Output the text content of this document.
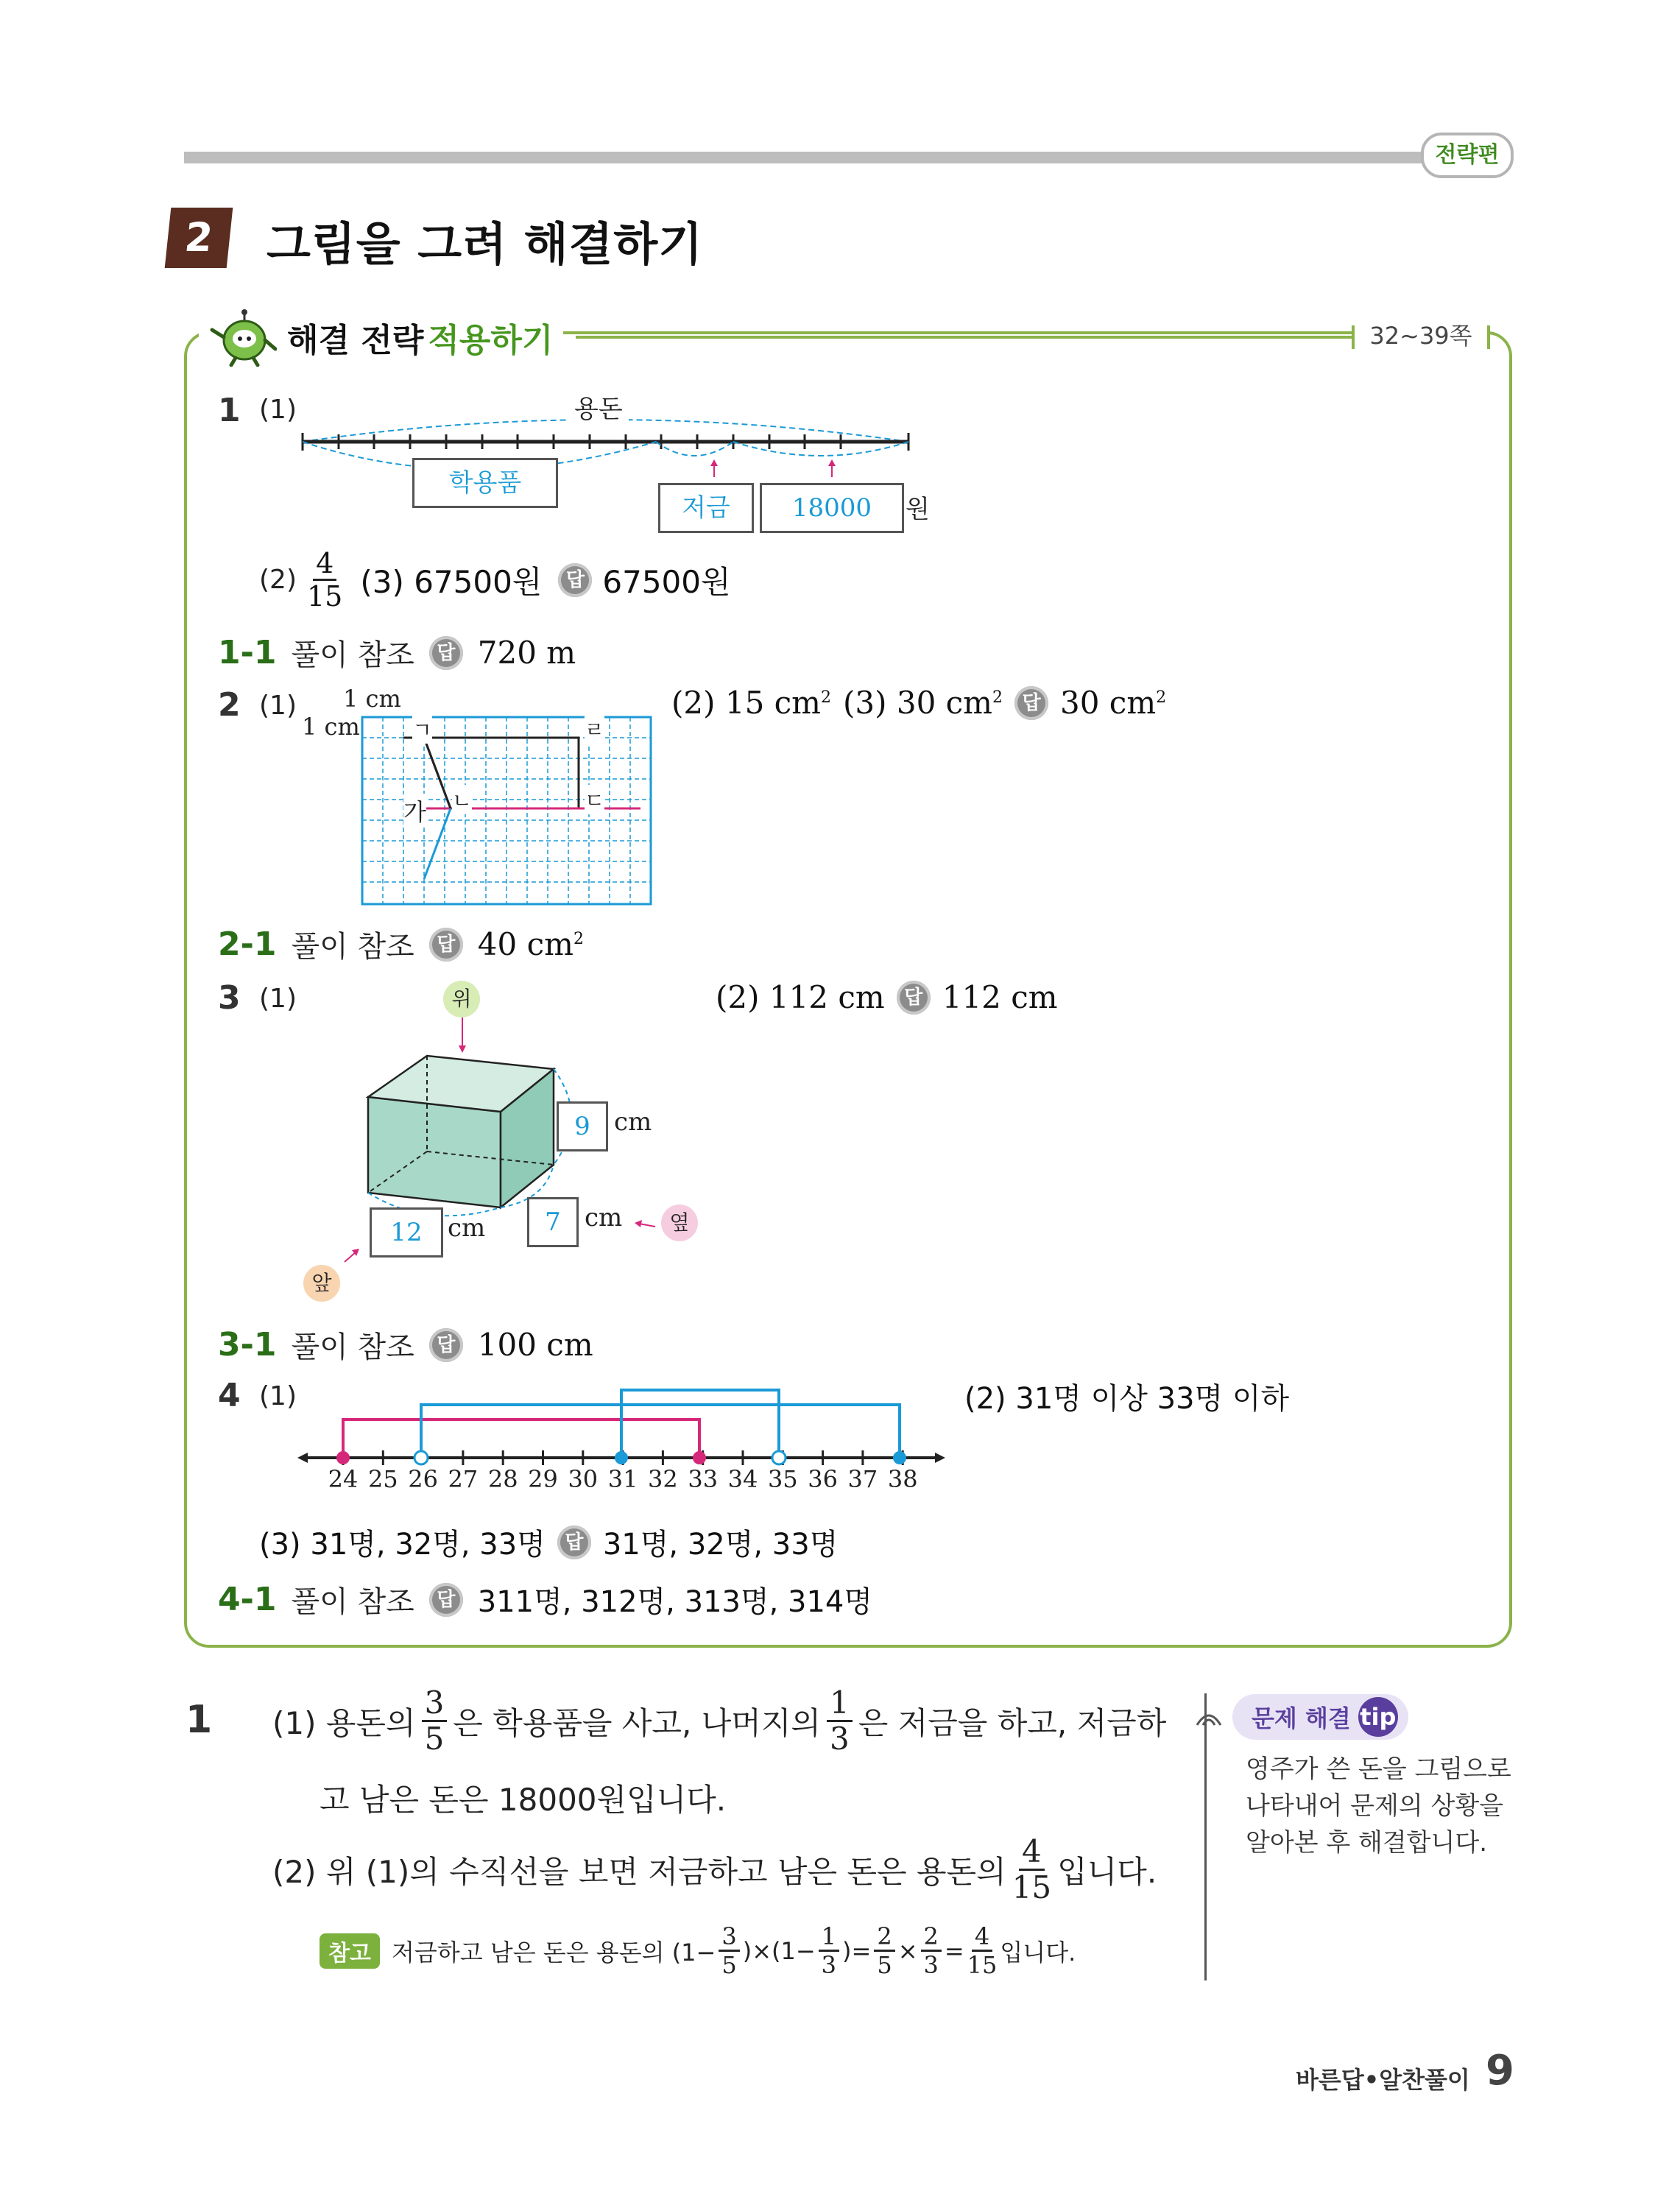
전략편
2	그림을 그려 해결하기
해결 전략 적용하기	32~39쪽
1 (1)	용돈
학용품
저금	18000	원
$(2) \frac{4}{15} (3)$ 67500원	답 67500원
1-1 풀이 참조	답 720 m
2 (1) 1 cm
1 cm	ㄱ	ㄹ
ㄴ	ㄷ
가
(2) 15 $cm^2$ (3) 30 $cm^2$	답 30 $cm^2$
2-1 풀이 참조	답 40 $cm^2$
3 (1)	위
앞
옆
9 cm
12	cm	7 cm
(2) 112 cm	답 112 cm
3-1 풀이 참조	답 100 cm
4 (1)
24 25 26 27 28 29 30 31 32 33 34 35 36 37 38
(2) 31명 이상 33명 이하
(3) 31명, 32명, 33명	답 31명, 32명, 33명
4-1 풀이 참조	답 311명, 312명, 313명, 314명
1 (1) 용돈의 $\frac{3}{5}$ 은 학용품을 사고, 나머지의 $\frac{1}{3}$ 은 저금을 하고, 저금하
고 남은 돈은 18000원입니다.
(2) 위 (1)의 수직선을 보면 저금하고 남은 돈은 용돈의 $\frac{4}{15}$ 입니다.
참고 저금하고 남은 돈은 용돈의 $(1- \frac{3}{5} )\times(1- \frac{1}{3}$ )= $\frac{2}{5} \times \frac{2}{3} = \frac{4}{15}$ 입니다.
문제 해결 tip
영주가 쓴 돈을 그림으로 나타내어 문제의 상황을 알아본 후 해결합니다.
바른답•알찬풀이 9
